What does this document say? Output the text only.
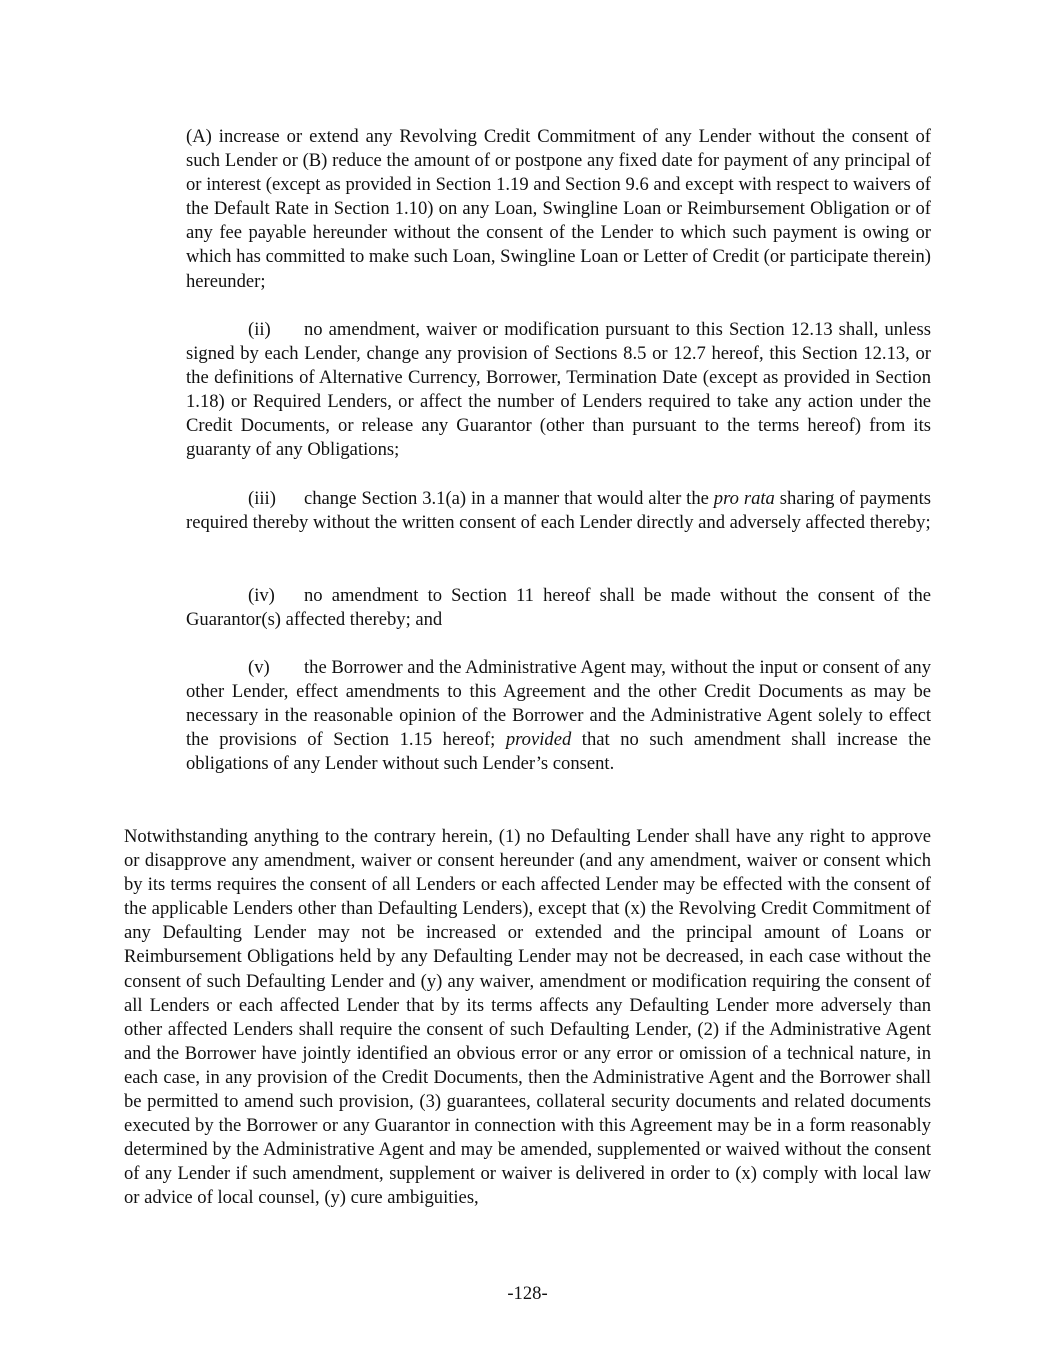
(A) increase or extend any Revolving Credit Commitment of any Lender without the consent of such Lender or (B) reduce the amount of or postpone any fixed date for payment of any principal of or interest (except as provided in Section 1.19 and Section 9.6 and except with respect to waivers of the Default Rate in Section 1.10) on any Loan, Swingline Loan or Reimbursement Obligation or of any fee payable hereunder without the consent of the Lender to which such payment is owing or which has committed to make such Loan, Swingline Loan or Letter of Credit (or participate therein) hereunder;

(ii) no amendment, waiver or modification pursuant to this Section 12.13 shall, unless signed by each Lender, change any provision of Sections 8.5 or 12.7 hereof, this Section 12.13, or the definitions of Alternative Currency, Borrower, Termination Date (except as provided in Section 1.18) or Required Lenders, or affect the number of Lenders required to take any action under the Credit Documents, or release any Guarantor (other than pursuant to the terms hereof) from its guaranty of any Obligations;

(iii) change Section 3.1(a) in a manner that would alter the pro rata sharing of payments required thereby without the written consent of each Lender directly and adversely affected thereby;

(iv) no amendment to Section 11 hereof shall be made without the consent of the Guarantor(s) affected thereby; and

(v) the Borrower and the Administrative Agent may, without the input or consent of any other Lender, effect amendments to this Agreement and the other Credit Documents as may be necessary in the reasonable opinion of the Borrower and the Administrative Agent solely to effect the provisions of Section 1.15 hereof; provided that no such amendment shall increase the obligations of any Lender without such Lender’s consent.

Notwithstanding anything to the contrary herein, (1) no Defaulting Lender shall have any right to approve or disapprove any amendment, waiver or consent hereunder (and any amendment, waiver or consent which by its terms requires the consent of all Lenders or each affected Lender may be effected with the consent of the applicable Lenders other than Defaulting Lenders), except that (x) the Revolving Credit Commitment of any Defaulting Lender may not be increased or extended and the principal amount of Loans or Reimbursement Obligations held by any Defaulting Lender may not be decreased, in each case without the consent of such Defaulting Lender and (y) any waiver, amendment or modification requiring the consent of all Lenders or each affected Lender that by its terms affects any Defaulting Lender more adversely than other affected Lenders shall require the consent of such Defaulting Lender, (2) if the Administrative Agent and the Borrower have jointly identified an obvious error or any error or omission of a technical nature, in each case, in any provision of the Credit Documents, then the Administrative Agent and the Borrower shall be permitted to amend such provision, (3) guarantees, collateral security documents and related documents executed by the Borrower or any Guarantor in connection with this Agreement may be in a form reasonably determined by the Administrative Agent and may be amended, supplemented or waived without the consent of any Lender if such amendment, supplement or waiver is delivered in order to (x) comply with local law or advice of local counsel, (y) cure ambiguities,

-128-
